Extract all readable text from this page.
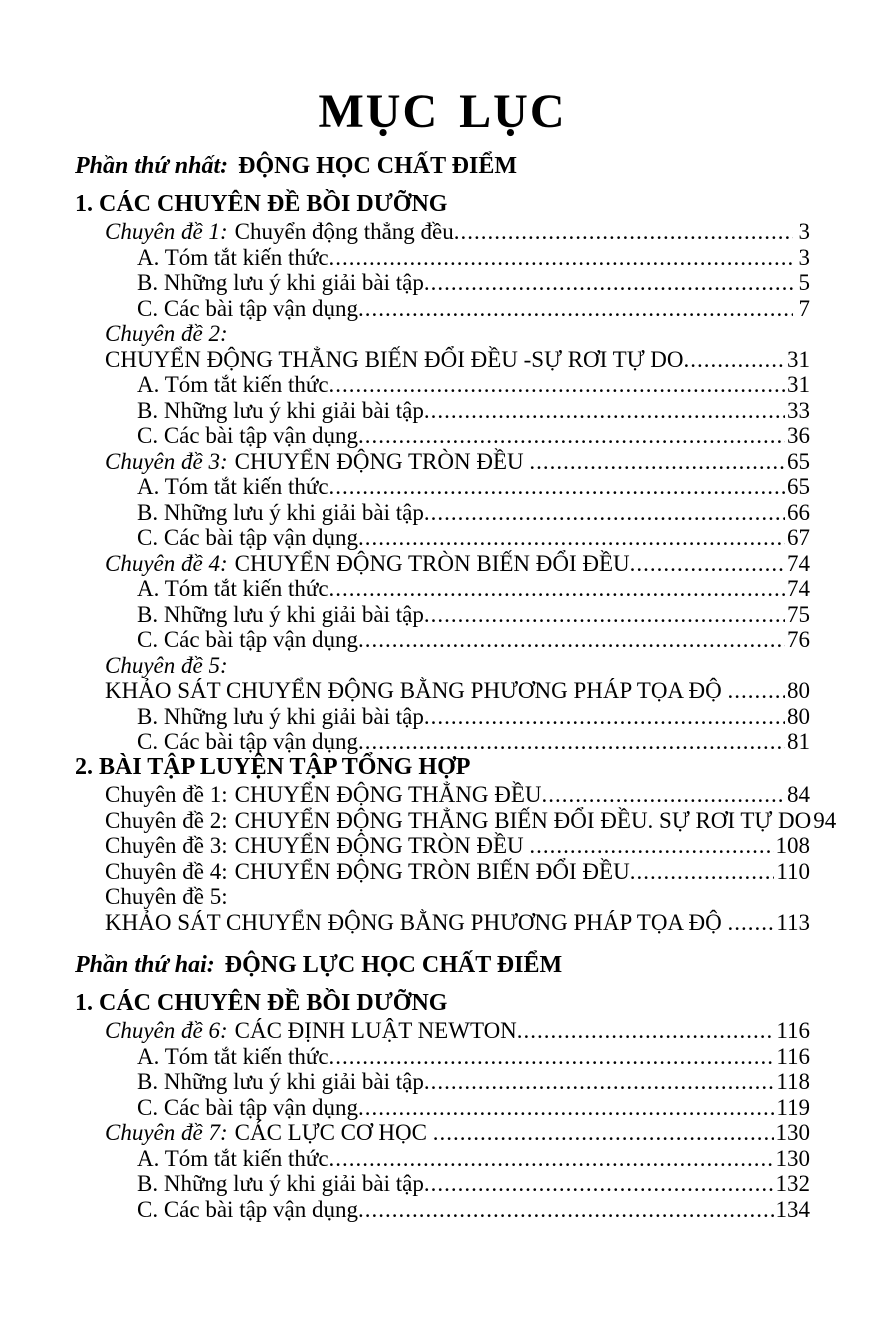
MỤC LỤC
Phần thứ nhất: ĐỘNG HỌC CHẤT ĐIỂM
1. CÁC CHUYÊN ĐỀ BỒI DƯỠNG
Chuyên đề 1: Chuyển động thẳng đều .....	3
A. Tóm tắt kiến thức .....	3
B. Những lưu ý khi giải bài tập .....	5
C. Các bài tập vận dụng .....	7
Chuyên đề 2:
CHUYỂN ĐỘNG THẲNG BIẾN ĐỔI ĐỀU -SỰ RƠI TỰ DO .....	31
A. Tóm tắt kiến thức .....	31
B. Những lưu ý khi giải bài tập .....	33
C. Các bài tập vận dụng .....	36
Chuyên đề 3: CHUYỂN ĐỘNG TRÒN ĐỀU .....	65
A. Tóm tắt kiến thức .....	65
B. Những lưu ý khi giải bài tập .....	66
C. Các bài tập vận dụng .....	67
Chuyên đề 4: CHUYỂN ĐỘNG TRÒN BIẾN ĐỔI ĐỀU .....	74
A. Tóm tắt kiến thức .....	74
B. Những lưu ý khi giải bài tập .....	75
C. Các bài tập vận dụng .....	76
Chuyên đề 5:
KHẢO SÁT CHUYỂN ĐỘNG BẰNG PHƯƠNG PHÁP TỌA ĐỘ .....	80
B. Những lưu ý khi giải bài tập .....	80
C. Các bài tập vận dụng .....	81
2. BÀI TẬP LUYỆN TẬP TỔNG HỢP
Chuyên đề 1: CHUYỂN ĐỘNG THẲNG ĐỀU .....	84
Chuyên đề 2: CHUYỂN ĐỘNG THẲNG BIẾN ĐỔI ĐỀU. SỰ RƠI TỰ DO 94
Chuyên đề 3: CHUYỂN ĐỘNG TRÒN ĐỀU .....	108
Chuyên đề 4: CHUYỂN ĐỘNG TRÒN BIẾN ĐỔI ĐỀU .....	110
Chuyên đề 5:
KHẢO SÁT CHUYỂN ĐỘNG BẰNG PHƯƠNG PHÁP TỌA ĐỘ ..... 113
Phần thứ hai: ĐỘNG LỰC HỌC CHẤT ĐIỂM
1. CÁC CHUYÊN ĐỀ BỒI DƯỠNG
Chuyên đề 6: CÁC ĐỊNH LUẬT NEWTON .....	116
A. Tóm tắt kiến thức .....	116
B. Những lưu ý khi giải bài tập .....	118
C. Các bài tập vận dụng .....	119
Chuyên đề 7: CÁC LỰC CƠ HỌC .....	130
A. Tóm tắt kiến thức .....	130
B. Những lưu ý khi giải bài tập .....	132
C. Các bài tập vận dụng .....	134
